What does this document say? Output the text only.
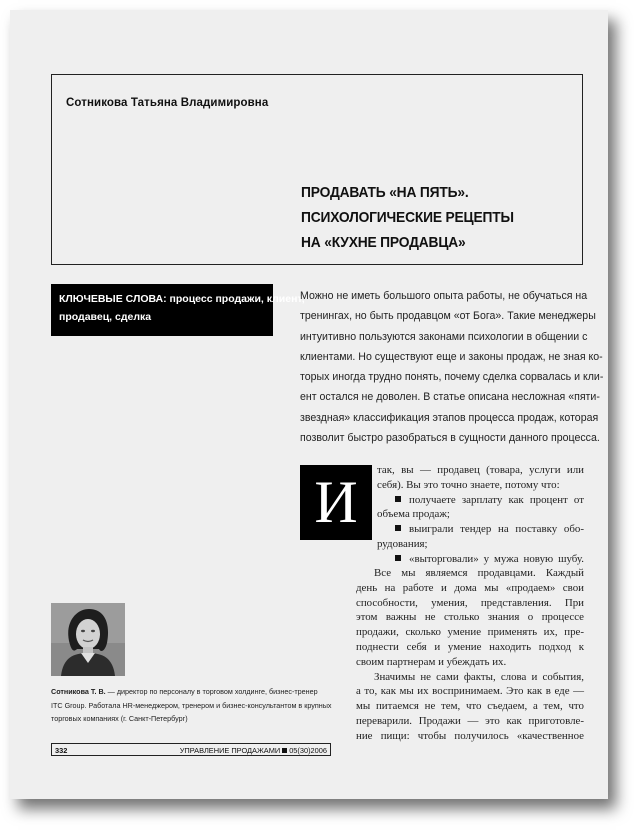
Сотникова Татьяна Владимировна
ПРОДАВАТЬ «НА ПЯТЬ».
ПСИХОЛОГИЧЕСКИЕ РЕЦЕПТЫ
НА «КУХНЕ ПРОДАВЦА»
КЛЮЧЕВЫЕ СЛОВА: процесс продажи, клиент,
продавец, сделка
Можно не иметь большого опыта работы, не обучаться на
тренингах, но быть продавцом «от Бога». Такие менеджеры
интуитивно пользуются законами психологии в общении с
клиентами. Но существуют еще и законы продаж, не зная ко-
торых иногда трудно понять, почему сделка сорвалась и кли-
ент остался не доволен. В статье описана несложная «пяти-
звездная» классификация этапов процесса продаж, которая
позволит быстро разобраться в сущности данного процесса.
И	так, вы — продавец (товара, услуги или
себя). Вы это точно знаете, потому что:
получаете зарплату как процент от
объема продаж;
выиграли тендер на поставку обо-
рудования;
«выторговали» у мужа новую шубу.
Все мы являемся продавцами. Каждый
день на работе и дома мы «продаем» свои
способности, умения, представления. При
этом важны не столько знания о процессе
продажи, сколько умение применять их, пре-
поднести себя и умение находить подход к
своим партнерам и убеждать их.
Значимы не сами факты, слова и события,
а то, как мы их воспринимаем. Это как в еде —
мы питаемся не тем, что съедаем, а тем, что
переварили. Продажи — это как приготовле-
ние пищи: чтобы получилось «качественное
Сотникова Т. В. — директор по персоналу в торговом холдинге, бизнес-тренер
ITC Group. Работала HR-менеджером, тренером и бизнес-консультантом в крупных
торговых компаниях (г. Санкт-Петербург)
332	УПРАВЛЕНИЕ ПРОДАЖАМИ 05(30)2006
